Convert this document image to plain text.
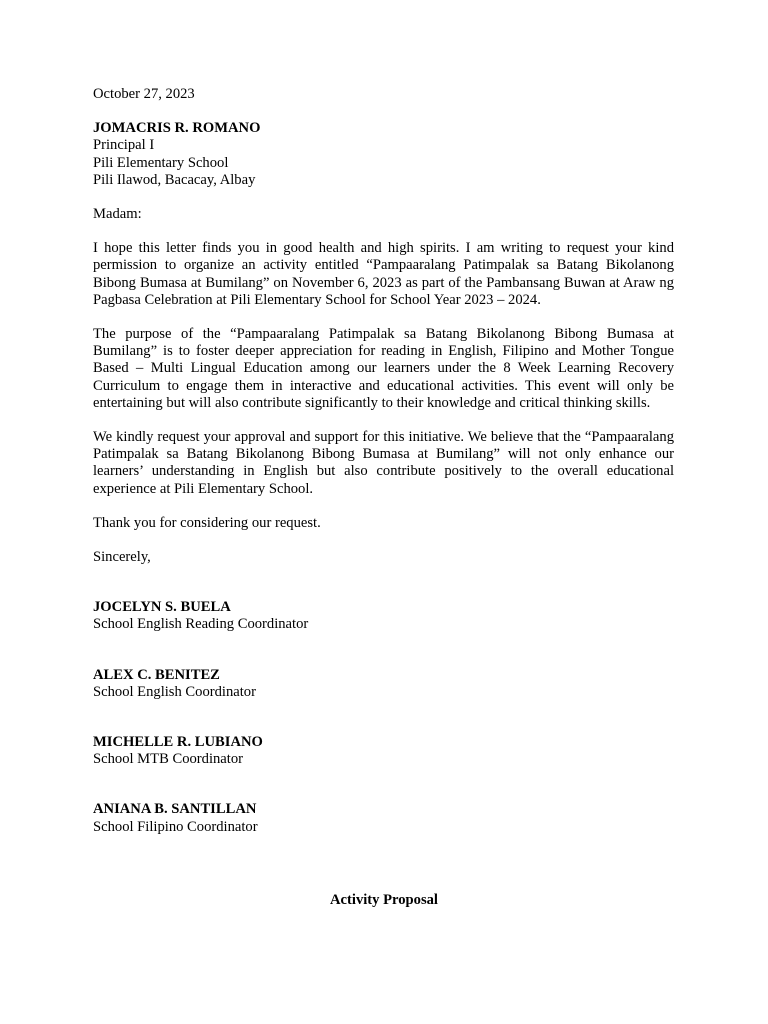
October 27, 2023
JOMACRIS R. ROMANO
Principal I
Pili Elementary School
Pili Ilawod, Bacacay, Albay
Madam:

I hope this letter finds you in good health and high spirits. I am writing to request your kind permission to organize an activity entitled “Pampaaralang Patimpalak sa Batang Bikolanong Bibong Bumasa at Bumilang” on November 6, 2023 as part of the Pambansang Buwan at Araw ng Pagbasa Celebration at Pili Elementary School for School Year 2023 – 2024.

The purpose of the “Pampaaralang Patimpalak sa Batang Bikolanong Bibong Bumasa at Bumilang” is to foster deeper appreciation for reading in English, Filipino and Mother Tongue Based – Multi Lingual Education among our learners under the 8 Week Learning Recovery Curriculum to engage them in interactive and educational activities. This event will only be entertaining but will also contribute significantly to their knowledge and critical thinking skills.

We kindly request your approval and support for this initiative. We believe that the “Pampaaralang Patimpalak sa Batang Bikolanong Bibong Bumasa at Bumilang” will not only enhance our learners’ understanding in English but also contribute positively to the overall educational experience at Pili Elementary School.

Thank you for considering our request.
Sincerely,
JOCELYN S. BUELA
School English Reading Coordinator
ALEX C. BENITEZ
School English Coordinator
MICHELLE R. LUBIANO
School MTB Coordinator
ANIANA B. SANTILLAN
School Filipino Coordinator
Activity Proposal
